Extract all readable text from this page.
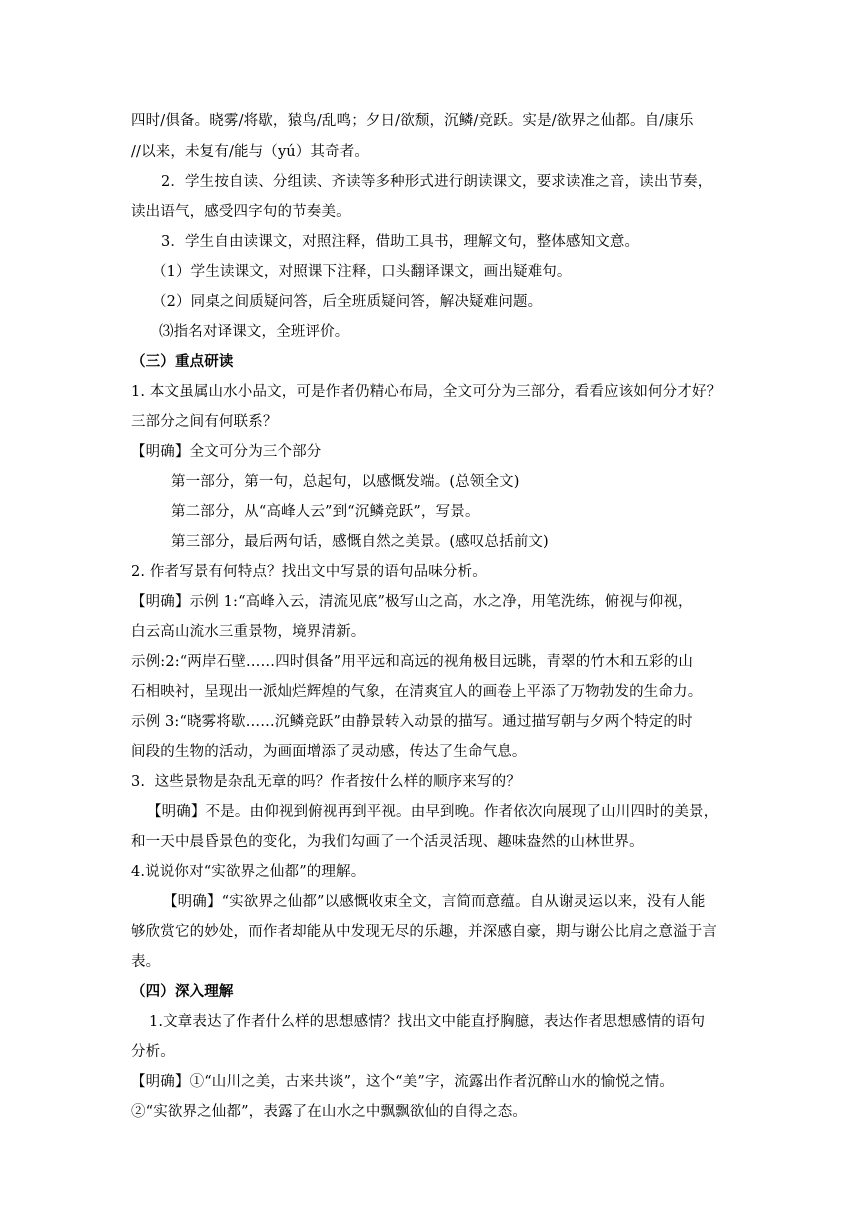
四时/俱备。晓雾/将歇，猿鸟/乱鸣；夕日/欲颓，沉鳞/竞跃。实是/欲界之仙都。自/康乐
//以来，未复有/能与（yú）其奇者。
2．学生按自读、分组读、齐读等多种形式进行朗读课文，要求读准之音，读出节奏，
读出语气，感受四字句的节奏美。
3．学生自由读课文，对照注释，借助工具书，理解文句，整体感知文意。
（1）学生读课文，对照课下注释，口头翻译课文，画出疑难句。
（2）同桌之间质疑问答，后全班质疑问答，解决疑难问题。
⑶指名对译课文，全班评价。
（三）重点研读
1. 本文虽属山水小品文，可是作者仍精心布局，全文可分为三部分，看看应该如何分才好？
三部分之间有何联系？
【明确】全文可分为三个部分
第一部分，第一句，总起句，以感慨发端。(总领全文)
第二部分，从“高峰人云”到“沉鳞竞跃”，写景。
第三部分，最后两句话，感慨自然之美景。(感叹总括前文)
2. 作者写景有何特点？找出文中写景的语句品味分析。
【明确】示例 1:“高峰入云，清流见底”极写山之高，水之净，用笔洗练，俯视与仰视，
白云高山流水三重景物，境界清新。
示例:2:“两岸石壁……四时俱备”用平远和高远的视角极目远眺，青翠的竹木和五彩的山
石相映衬，呈现出一派灿烂辉煌的气象，在清爽宜人的画卷上平添了万物勃发的生命力。
示例 3:“晓雾将歇……沉鳞竞跃”由静景转入动景的描写。通过描写朝与夕两个特定的时
间段的生物的活动，为画面增添了灵动感，传达了生命气息。
3.  这些景物是杂乱无章的吗？作者按什么样的顺序来写的？
【明确】不是。由仰视到俯视再到平视。由早到晚。作者依次向展现了山川四时的美景，
和一天中晨昏景色的变化，为我们勾画了一个活灵活现、趣味盎然的山林世界。
4.说说你对“实欲界之仙都”的理解。
【明确】“实欲界之仙都”以感慨收束全文，言简而意蕴。自从谢灵运以来，没有人能
够欣赏它的妙处，而作者却能从中发现无尽的乐趣，并深感自豪，期与谢公比肩之意溢于言
表。
（四）深入理解
1.文章表达了作者什么样的思想感情？找出文中能直抒胸臆，表达作者思想感情的语句
分析。
【明确】①“山川之美，古来共谈”，这个“美”字，流露出作者沉醉山水的愉悦之情。
②“实欲界之仙都”，表露了在山水之中飘飘欲仙的自得之态。
